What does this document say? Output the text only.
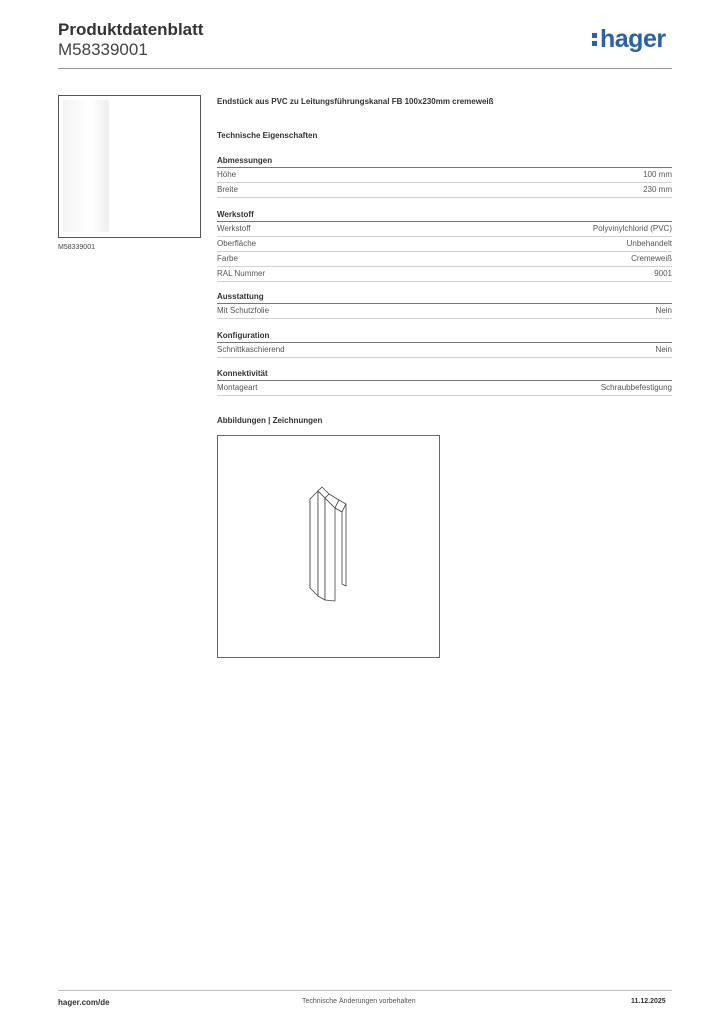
Produktdatenblatt
M58339001	hager
M58339001
Endstück aus PVC zu Leitungsführungskanal FB 100x230mm cremeweiß
Technische Eigenschaften
Abmessungen
Höhe	100 mm
Breite	230 mm
Werkstoff
Werkstoff	Polyvinylchlorid (PVC)
Oberfläche	Unbehandelt
Farbe	Cremeweiß
RAL Nummer	9001
Ausstattung
Mit Schutzfolie	Nein
Konfiguration
Schnittkaschierend	Nein
Konnektivität
Montageart	Schraubbefestigung
Abbildungen | Zeichnungen
hager.com/de	Technische Änderungen vorbehalten	11.12.2025
